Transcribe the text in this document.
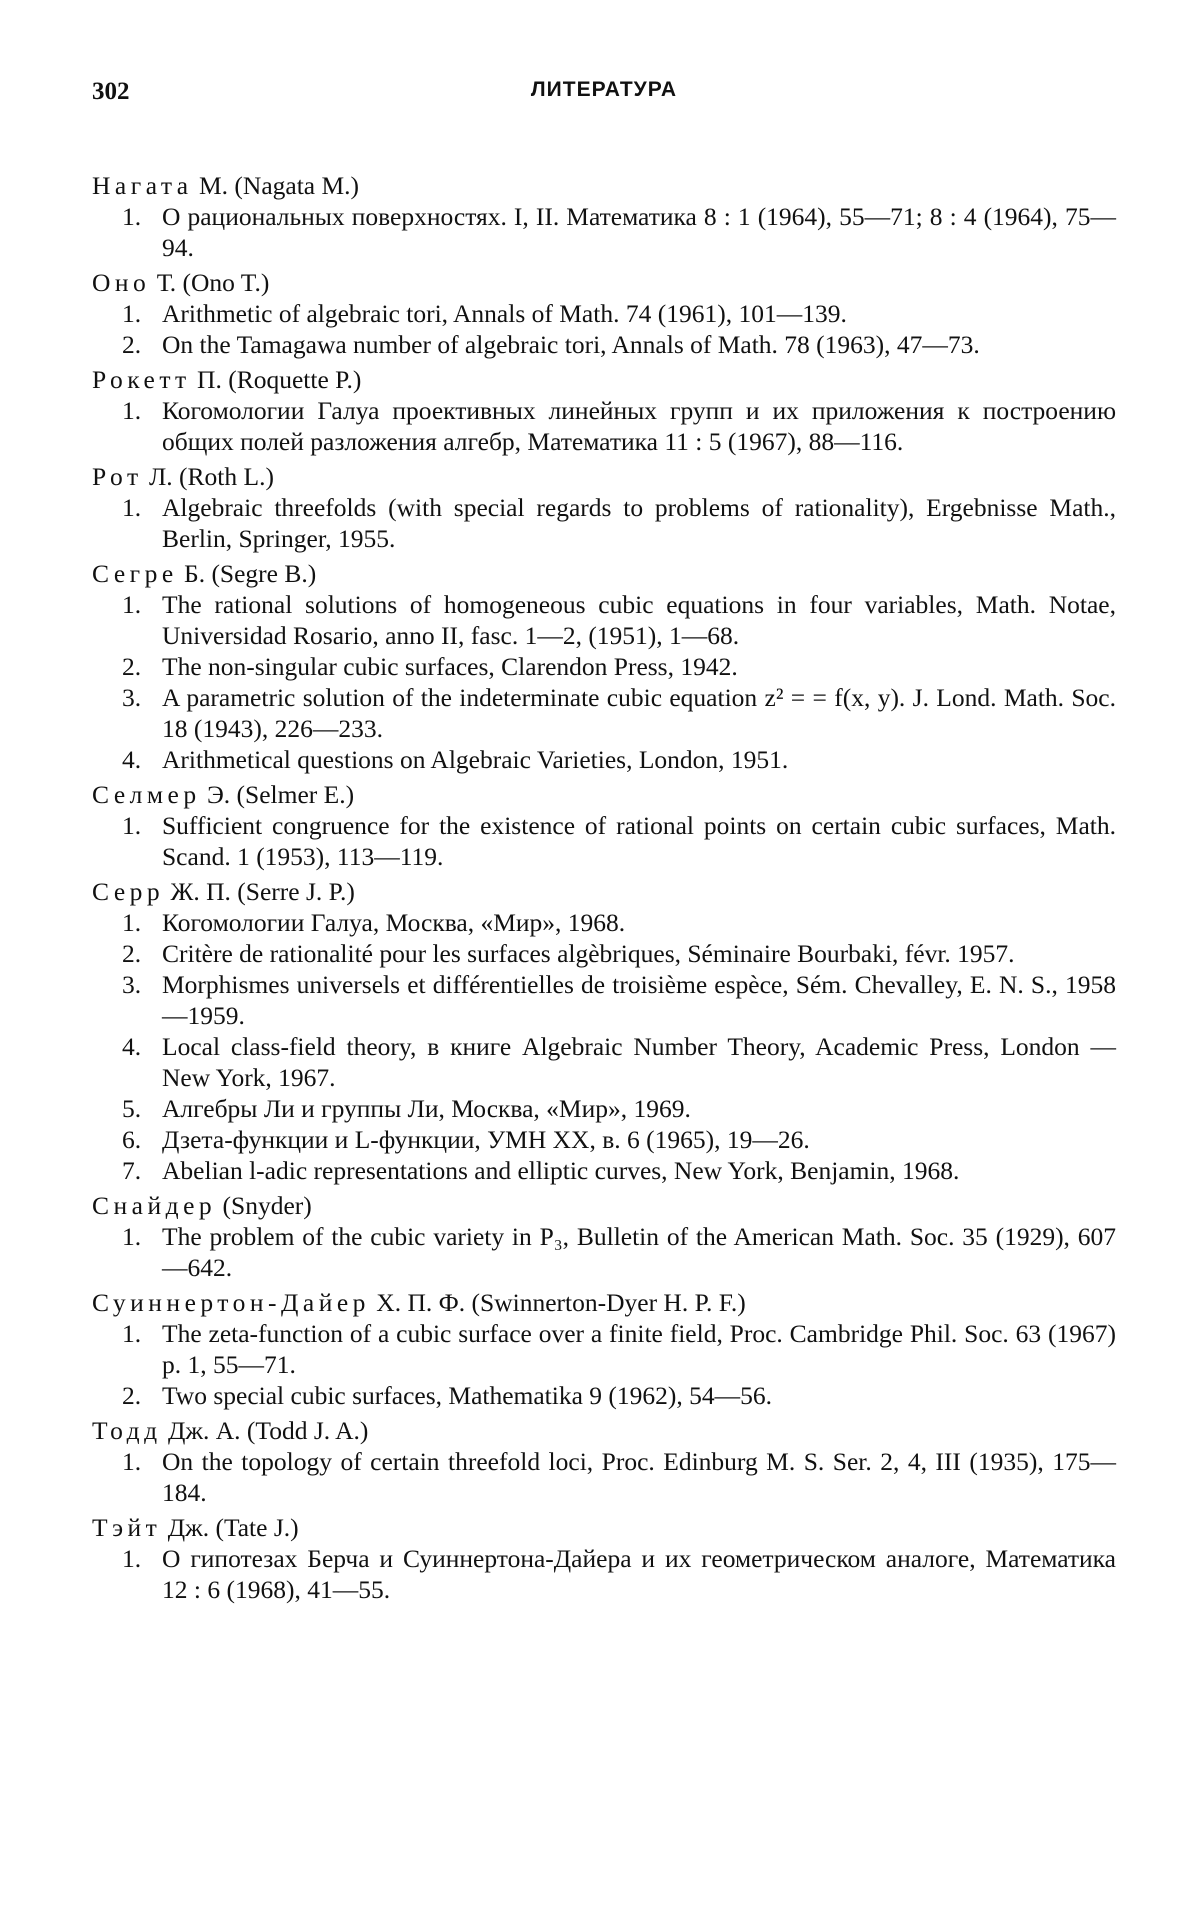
302	ЛИТЕРАТУРА
Нагата М. (Nagata M.)
1. О рациональных поверхностях. I, II. Математика 8 : 1 (1964), 55—71; 8 : 4 (1964), 75—94.
Оно Т. (Ono T.)
1. Arithmetic of algebraic tori, Annals of Math. 74 (1961), 101—139.
2. On the Tamagawa number of algebraic tori, Annals of Math. 78 (1963), 47—73.
Рокетт П. (Roquette P.)
1. Когомологии Галуа проективных линейных групп и их приложения к построению общих полей разложения алгебр, Математика 11 : 5 (1967), 88—116.
Рот Л. (Roth L.)
1. Algebraic threefolds (with special regards to problems of rationality), Ergebnisse Math., Berlin, Springer, 1955.
Сегре Б. (Segre B.)
1. The rational solutions of homogeneous cubic equations in four variables, Math. Notae, Universidad Rosario, anno II, fasc. 1—2, (1951), 1—68.
2. The non-singular cubic surfaces, Clarendon Press, 1942.
3. A parametric solution of the indeterminate cubic equation z² = = f(x, y). J. Lond. Math. Soc. 18 (1943), 226—233.
4. Arithmetical questions on Algebraic Varieties, London, 1951.
Селмер Э. (Selmer E.)
1. Sufficient congruence for the existence of rational points on certain cubic surfaces, Math. Scand. 1 (1953), 113—119.
Серр Ж. П. (Serre J. P.)
1. Когомологии Галуа, Москва, «Мир», 1968.
2. Critère de rationalité pour les surfaces algèbriques, Séminaire Bourbaki, févr. 1957.
3. Morphismes universels et différentielles de troisième espèce, Sém. Chevalley, E. N. S., 1958—1959.
4. Local class-field theory, в книге Algebraic Number Theory, Academic Press, London — New York, 1967.
5. Алгебры Ли и группы Ли, Москва, «Мир», 1969.
6. Дзета-функции и L-функции, УМН XX, в. 6 (1965), 19—26.
7. Abelian l-adic representations and elliptic curves, New York, Benjamin, 1968.
Снайдер (Snyder)
1. The problem of the cubic variety in P₃, Bulletin of the American Math. Soc. 35 (1929), 607—642.
Суиннертон-Дайер Х. П. Ф. (Swinnerton-Dyer H. P. F.)
1. The zeta-function of a cubic surface over a finite field, Proc. Cambridge Phil. Soc. 63 (1967) p. 1, 55—71.
2. Two special cubic surfaces, Mathematika 9 (1962), 54—56.
Тодд Дж. А. (Todd J. A.)
1. On the topology of certain threefold loci, Proc. Edinburg M. S. Ser. 2, 4, III (1935), 175—184.
Тэйт Дж. (Tate J.)
1. О гипотезах Берча и Суиннертона-Дайера и их геометрическом аналоге, Математика 12 : 6 (1968), 41—55.
